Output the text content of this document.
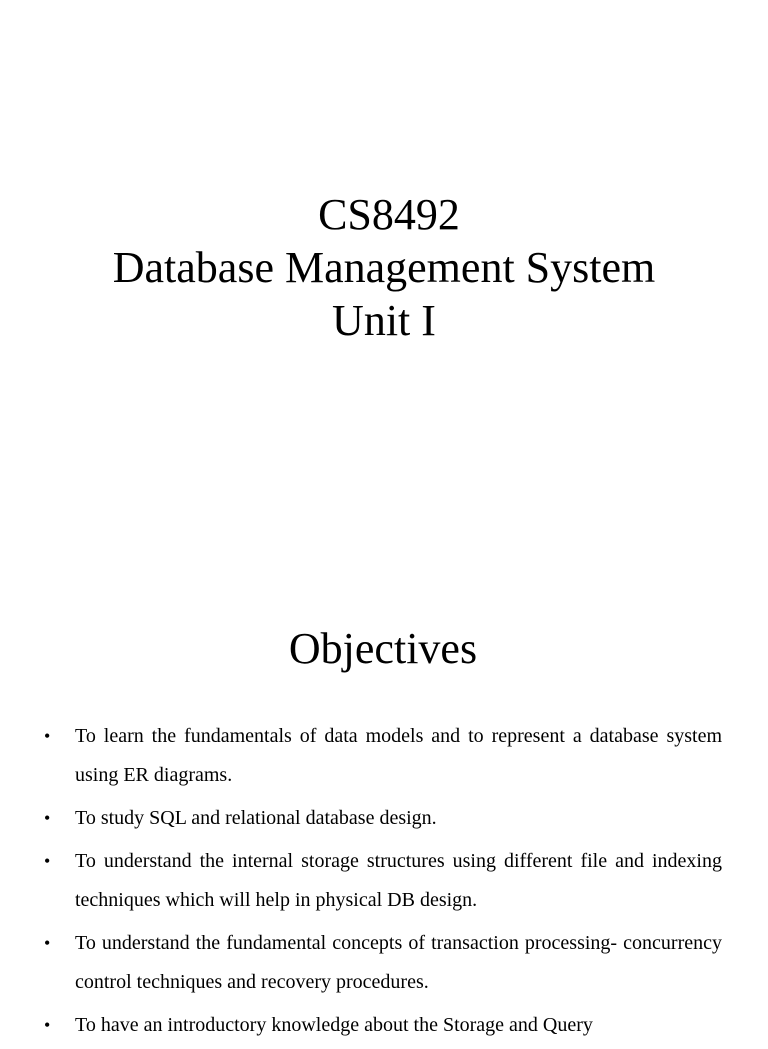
CS8492
Database Management System
Unit I
Objectives
• To learn the fundamentals of data models and to represent a database system using ER diagrams.
• To study SQL and relational database design.
• To understand the internal storage structures using different file and indexing techniques which will help in physical DB design.
• To understand the fundamental concepts of transaction processing- concurrency control techniques and recovery procedures.
• To have an introductory knowledge about the Storage and Query
